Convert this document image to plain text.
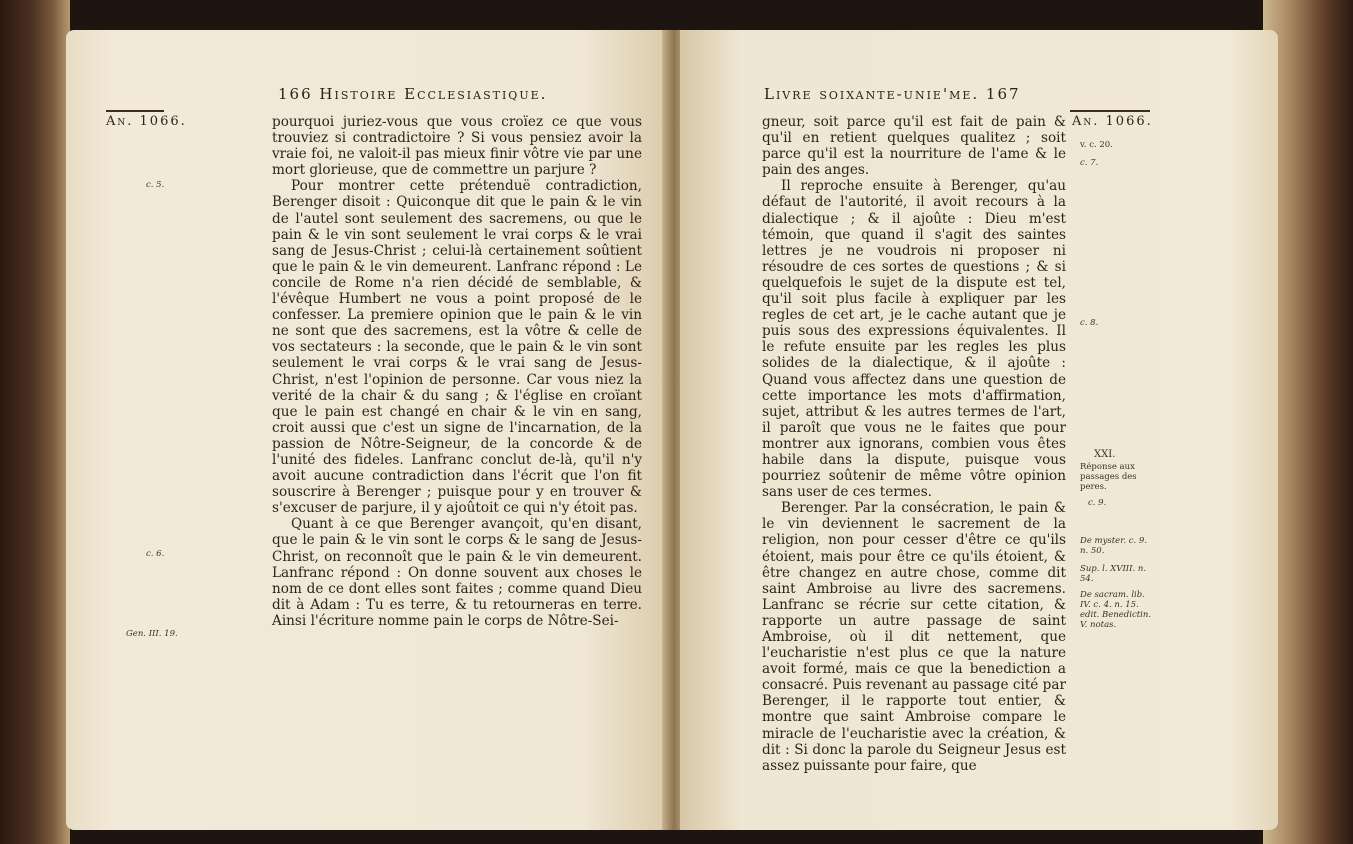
166 Histoire Ecclesiastique.
An. 1066.
c. 5.
c. 6.
Gen. III. 19.

pourquoi juriez-vous que vous croïez ce que vous trouviez si contradictoire ? Si vous pensiez avoir la vraie foi, ne valoit-il pas mieux finir vôtre vie par une mort glorieuse, que de commettre un parjure ?

Pour montrer cette prétenduë contradiction, Berenger disoit : Quiconque dit que le pain & le vin de l'autel sont seulement des sacremens, ou que le pain & le vin sont seulement le vrai corps & le vrai sang de Jesus-Christ ; celui-là certainement soûtient que le pain & le vin demeurent. Lanfranc répond : Le concile de Rome n'a rien décidé de semblable, & l'évêque Humbert ne vous a point proposé de le confesser. La premiere opinion que le pain & le vin ne sont que des sacremens, est la vôtre & celle de vos sectateurs : la seconde, que le pain & le vin sont seulement le vrai corps & le vrai sang de Jesus-Christ, n'est l'opinion de personne. Car vous niez la verité de la chair & du sang ; & l'église en croïant que le pain est changé en chair & le vin en sang, croit aussi que c'est un signe de l'incarnation, de la passion de Nôtre-Seigneur, de la concorde & de l'unité des fideles. Lanfranc conclut de-là, qu'il n'y avoit aucune contradiction dans l'écrit que l'on fit souscrire à Berenger ; puisque pour y en trouver & s'excuser de parjure, il y ajoûtoit ce qui n'y étoit pas.

Quant à ce que Berenger avançoit, qu'en disant, que le pain & le vin sont le corps & le sang de Jesus-Christ, on reconnoît que le pain & le vin demeurent. Lanfranc répond : On donne souvent aux choses le nom de ce dont elles sont faites ; comme quand Dieu dit à Adam : Tu es terre, & tu retourneras en terre. Ainsi l'écriture nomme pain le corps de Nôtre-Sei-

Livre soixante-unie'me. 167
An. 1066.
v. c. 20.
c. 7.
c. 8.
XXI.
Réponse aux passages des peres.
c. 9.
De myster. c. 9. n. 50.
Sup. l. XVIII. n. 54.
De sacram. lib. IV. c. 4. n. 15. edit. Benedictin. V. notas.

gneur, soit parce qu'il est fait de pain & qu'il en retient quelques qualitez ; soit parce qu'il est la nourriture de l'ame & le pain des anges.

Il reproche ensuite à Berenger, qu'au défaut de l'autorité, il avoit recours à la dialectique ; & il ajoûte : Dieu m'est témoin, que quand il s'agit des saintes lettres je ne voudrois ni proposer ni résoudre de ces sortes de questions ; & si quelquefois le sujet de la dispute est tel, qu'il soit plus facile à expliquer par les regles de cet art, je le cache autant que je puis sous des expressions équivalentes. Il le refute ensuite par les regles les plus solides de la dialectique, & il ajoûte : Quand vous affectez dans une question de cette importance les mots d'affirmation, sujet, attribut & les autres termes de l'art, il paroît que vous ne le faites que pour montrer aux ignorans, combien vous êtes habile dans la dispute, puisque vous pourriez soûtenir de même vôtre opinion sans user de ces termes.

Berenger. Par la consécration, le pain & le vin deviennent le sacrement de la religion, non pour cesser d'être ce qu'ils étoient, mais pour être ce qu'ils étoient, & être changez en autre chose, comme dit saint Ambroise au livre des sacremens. Lanfranc se récrie sur cette citation, & rapporte un autre passage de saint Ambroise, où il dit nettement, que l'eucharistie n'est plus ce que la nature avoit formé, mais ce que la benediction a consacré. Puis revenant au passage cité par Berenger, il le rapporte tout entier, & montre que saint Ambroise compare le miracle de l'eucharistie avec la création, & dit : Si donc la parole du Seigneur Jesus est assez puissante pour faire, que
